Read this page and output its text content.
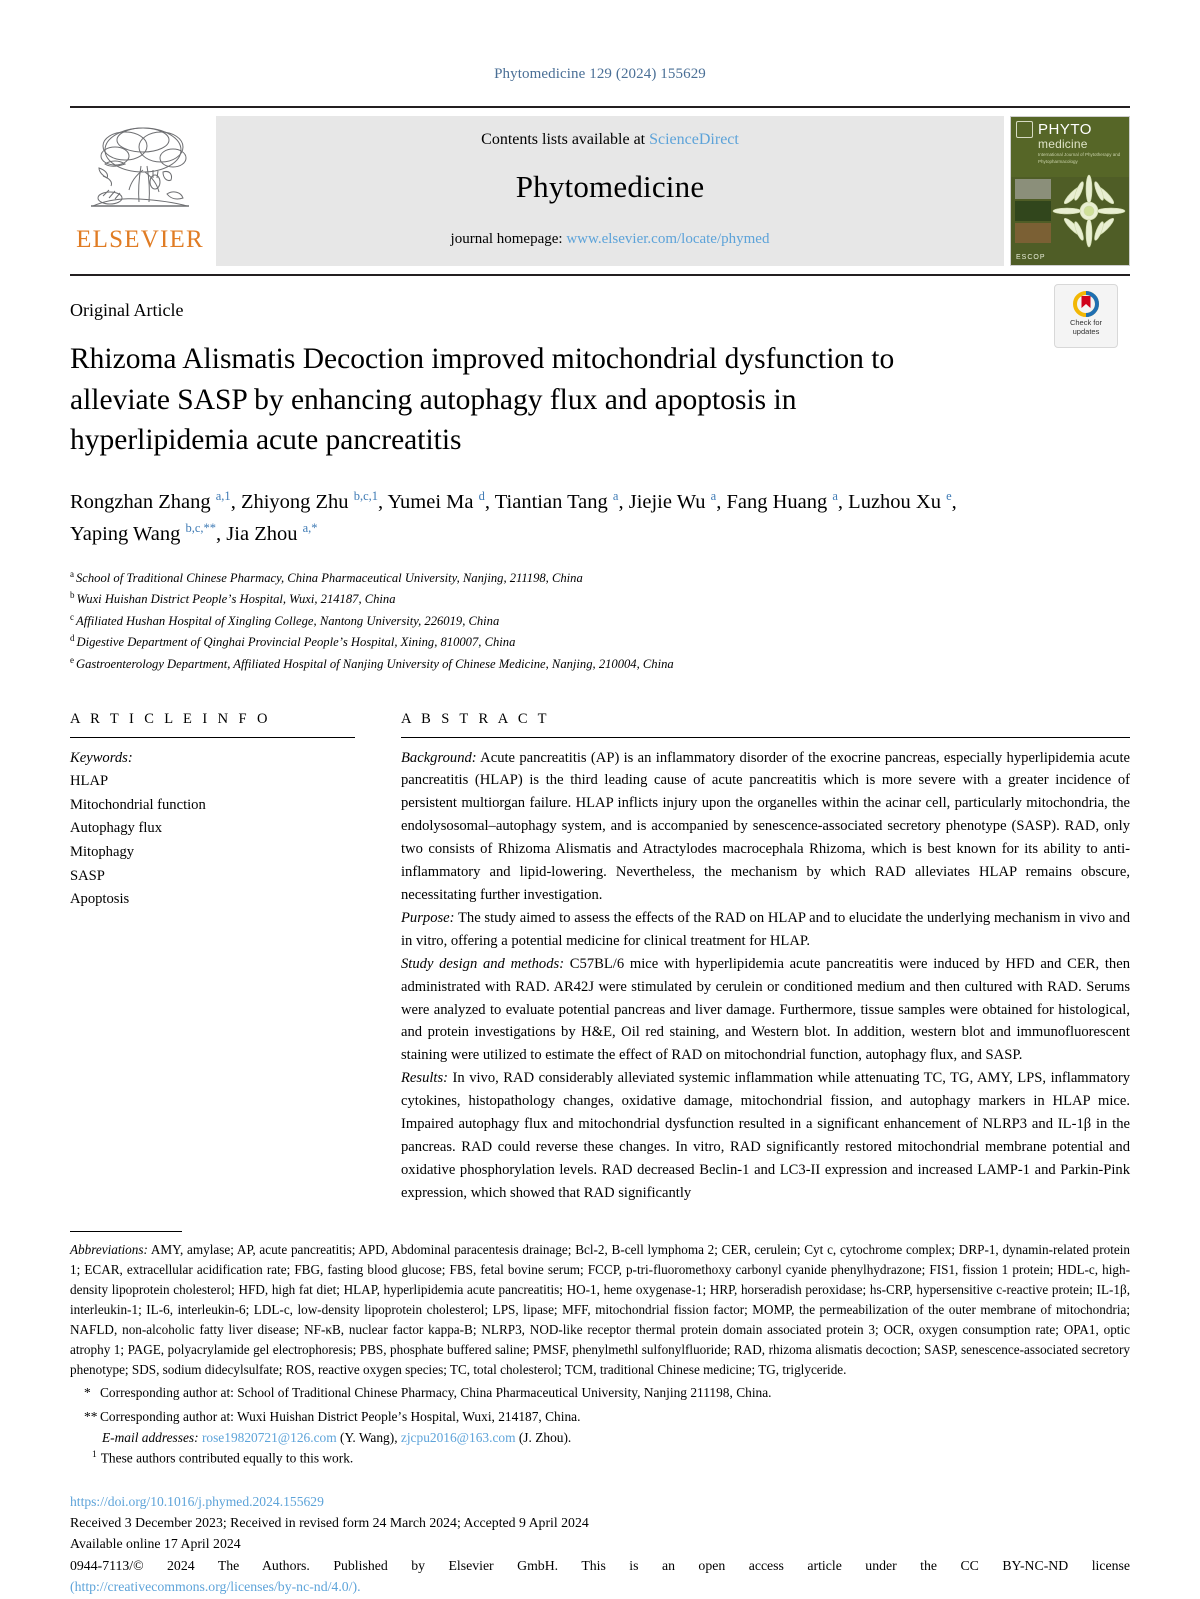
Phytomedicine 129 (2024) 155629
ELSEVIER
Contents lists available at ScienceDirect
Phytomedicine
journal homepage: www.elsevier.com/locate/phymed
PHYTO
medicine
International Journal of Phytotherapy and Phytopharmacology
ESCOP
Check for
updates
Original Article
Rhizoma Alismatis Decoction improved mitochondrial dysfunction to alleviate SASP by enhancing autophagy flux and apoptosis in hyperlipidemia acute pancreatitis
Rongzhan Zhang $^{a,1}$, Zhiyong Zhu $^{b,c,1}$, Yumei Ma $^d$, Tiantian Tang $^a$, Jiejie Wu $^a$, Fang Huang $^a$, Luzhou Xu $^e$, Yaping Wang $^{b,c,**}$, Jia Zhou $^{a,*}$
$^a$ School of Traditional Chinese Pharmacy, China Pharmaceutical University, Nanjing, 211198, China
$^b$ Wuxi Huishan District Peopleʼs Hospital, Wuxi, 214187, China
$^c$ Affiliated Hushan Hospital of Xingling College, Nantong University, 226019, China
$^d$ Digestive Department of Qinghai Provincial Peopleʼs Hospital, Xining, 810007, China
$^e$ Gastroenterology Department, Affiliated Hospital of Nanjing University of Chinese Medicine, Nanjing, 210004, China
A R T I C L E I N F O
Keywords:
HLAP
Mitochondrial function
Autophagy flux
Mitophagy
SASP
Apoptosis
A B S T R A C T

Background: Acute pancreatitis (AP) is an inflammatory disorder of the exocrine pancreas, especially hyperlipidemia acute pancreatitis (HLAP) is the third leading cause of acute pancreatitis which is more severe with a greater incidence of persistent multiorgan failure. HLAP inflicts injury upon the organelles within the acinar cell, particularly mitochondria, the endolysosomal–autophagy system, and is accompanied by senescence-associated secretory phenotype (SASP). RAD, only two consists of Rhizoma Alismatis and Atractylodes macrocephala Rhizoma, which is best known for its ability to anti-inflammatory and lipid-lowering. Nevertheless, the mechanism by which RAD alleviates HLAP remains obscure, necessitating further investigation.

Purpose: The study aimed to assess the effects of the RAD on HLAP and to elucidate the underlying mechanism in vivo and in vitro, offering a potential medicine for clinical treatment for HLAP.

Study design and methods: C57BL/6 mice with hyperlipidemia acute pancreatitis were induced by HFD and CER, then administrated with RAD. AR42J were stimulated by cerulein or conditioned medium and then cultured with RAD. Serums were analyzed to evaluate potential pancreas and liver damage. Furthermore, tissue samples were obtained for histological, and protein investigations by H&E, Oil red staining, and Western blot. In addition, western blot and immunofluorescent staining were utilized to estimate the effect of RAD on mitochondrial function, autophagy flux, and SASP.

Results: In vivo, RAD considerably alleviated systemic inflammation while attenuating TC, TG, AMY, LPS, inflammatory cytokines, histopathology changes, oxidative damage, mitochondrial fission, and autophagy markers in HLAP mice. Impaired autophagy flux and mitochondrial dysfunction resulted in a significant enhancement of NLRP3 and IL-1β in the pancreas. RAD could reverse these changes. In vitro, RAD significantly restored mitochondrial membrane potential and oxidative phosphorylation levels. RAD decreased Beclin-1 and LC3-II expression and increased LAMP-1 and Parkin-Pink expression, which showed that RAD significantly

Abbreviations: AMY, amylase; AP, acute pancreatitis; APD, Abdominal paracentesis drainage; Bcl-2, B-cell lymphoma 2; CER, cerulein; Cyt c, cytochrome complex; DRP-1, dynamin-related protein 1; ECAR, extracellular acidification rate; FBG, fasting blood glucose; FBS, fetal bovine serum; FCCP, p-tri-fluoromethoxy carbonyl cyanide phenylhydrazone; FIS1, fission 1 protein; HDL-c, high-density lipoprotein cholesterol; HFD, high fat diet; HLAP, hyperlipidemia acute pancreatitis; HO-1, heme oxygenase-1; HRP, horseradish peroxidase; hs-CRP, hypersensitive c-reactive protein; IL-1β, interleukin-1; IL-6, interleukin-6; LDL-c, low-density lipoprotein cholesterol; LPS, lipase; MFF, mitochondrial fission factor; MOMP, the permeabilization of the outer membrane of mitochondria; NAFLD, non-alcoholic fatty liver disease; NF-κB, nuclear factor kappa-B; NLRP3, NOD-like receptor thermal protein domain associated protein 3; OCR, oxygen consumption rate; OPA1, optic atrophy 1; PAGE, polyacrylamide gel electrophoresis; PBS, phosphate buffered saline; PMSF, phenylmethl sulfonylfluoride; RAD, rhizoma alismatis decoction; SASP, senescence-associated secretory phenotype; SDS, sodium didecylsulfate; ROS, reactive oxygen species; TC, total cholesterol; TCM, traditional Chinese medicine; TG, triglyceride.
*Corresponding author at: School of Traditional Chinese Pharmacy, China Pharmaceutical University, Nanjing 211198, China.
**Corresponding author at: Wuxi Huishan District Peopleʼs Hospital, Wuxi, 214187, China.
E-mail addresses: rose19820721@126.com (Y. Wang), zjcpu2016@163.com (J. Zhou).
$^1$ These authors contributed equally to this work.
https://doi.org/10.1016/j.phymed.2024.155629
Received 3 December 2023; Received in revised form 24 March 2024; Accepted 9 April 2024
Available online 17 April 2024
0944-7113/© 2024 The Authors. Published by Elsevier GmbH. This is an open access article under the CC BY-NC-ND license
(http://creativecommons.org/licenses/by-nc-nd/4.0/).
